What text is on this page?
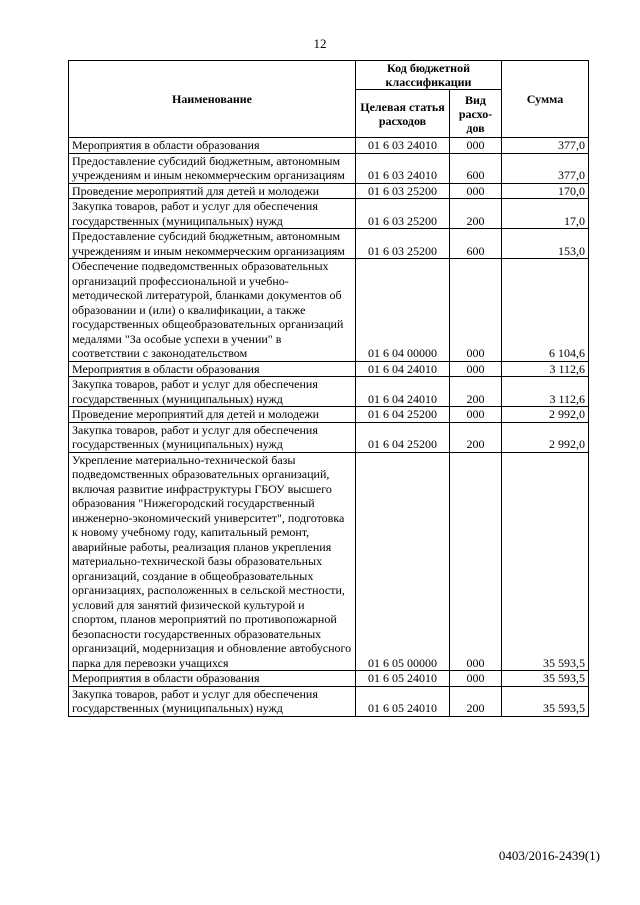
12
Наименование	Код бюджетной классификации		Сумма
	Целевая статья расходов	Вид расхо-дов	
Мероприятия в области образования	01 6 03 24010	000	377,0
Предоставление субсидий бюджетным, автономным учреждениям и иным некоммерческим организациям	01 6 03 24010	600	377,0
Проведение мероприятий для детей и молодежи	01 6 03 25200	000	170,0
Закупка товаров, работ и услуг для обеспечения государственных (муниципальных) нужд	01 6 03 25200	200	17,0
Предоставление субсидий бюджетным, автономным учреждениям и иным некоммерческим организациям	01 6 03 25200	600	153,0
Обеспечение подведомственных образовательных организаций профессиональной и учебно-методической литературой, бланками документов об образовании и (или) о квалификации, а также государственных общеобразовательных организаций медалями "За особые успехи в учении" в соответствии с законодательством	01 6 04 00000	000	6 104,6
Мероприятия в области образования	01 6 04 24010	000	3 112,6
Закупка товаров, работ и услуг для обеспечения государственных (муниципальных) нужд	01 6 04 24010	200	3 112,6
Проведение мероприятий для детей и молодежи	01 6 04 25200	000	2 992,0
Закупка товаров, работ и услуг для обеспечения государственных (муниципальных) нужд	01 6 04 25200	200	2 992,0
Укрепление материально-технической базы подведомственных образовательных организаций, включая развитие инфраструктуры ГБОУ высшего образования "Нижегородский государственный инженерно-экономический университет", подготовка к новому учебному году, капитальный ремонт, аварийные работы, реализация планов укрепления материально-технической базы образовательных организаций, создание в общеобразовательных организациях, расположенных в сельской местности, условий для занятий физической культурой и спортом, планов мероприятий по противопожарной безопасности государственных образовательных организаций, модернизация и обновление автобусного парка для перевозки учащихся	01 6 05 00000	000	35 593,5
Мероприятия в области образования	01 6 05 24010	000	35 593,5
Закупка товаров, работ и услуг для обеспечения государственных (муниципальных) нужд	01 6 05 24010	200	35 593,5
0403/2016-2439(1)
